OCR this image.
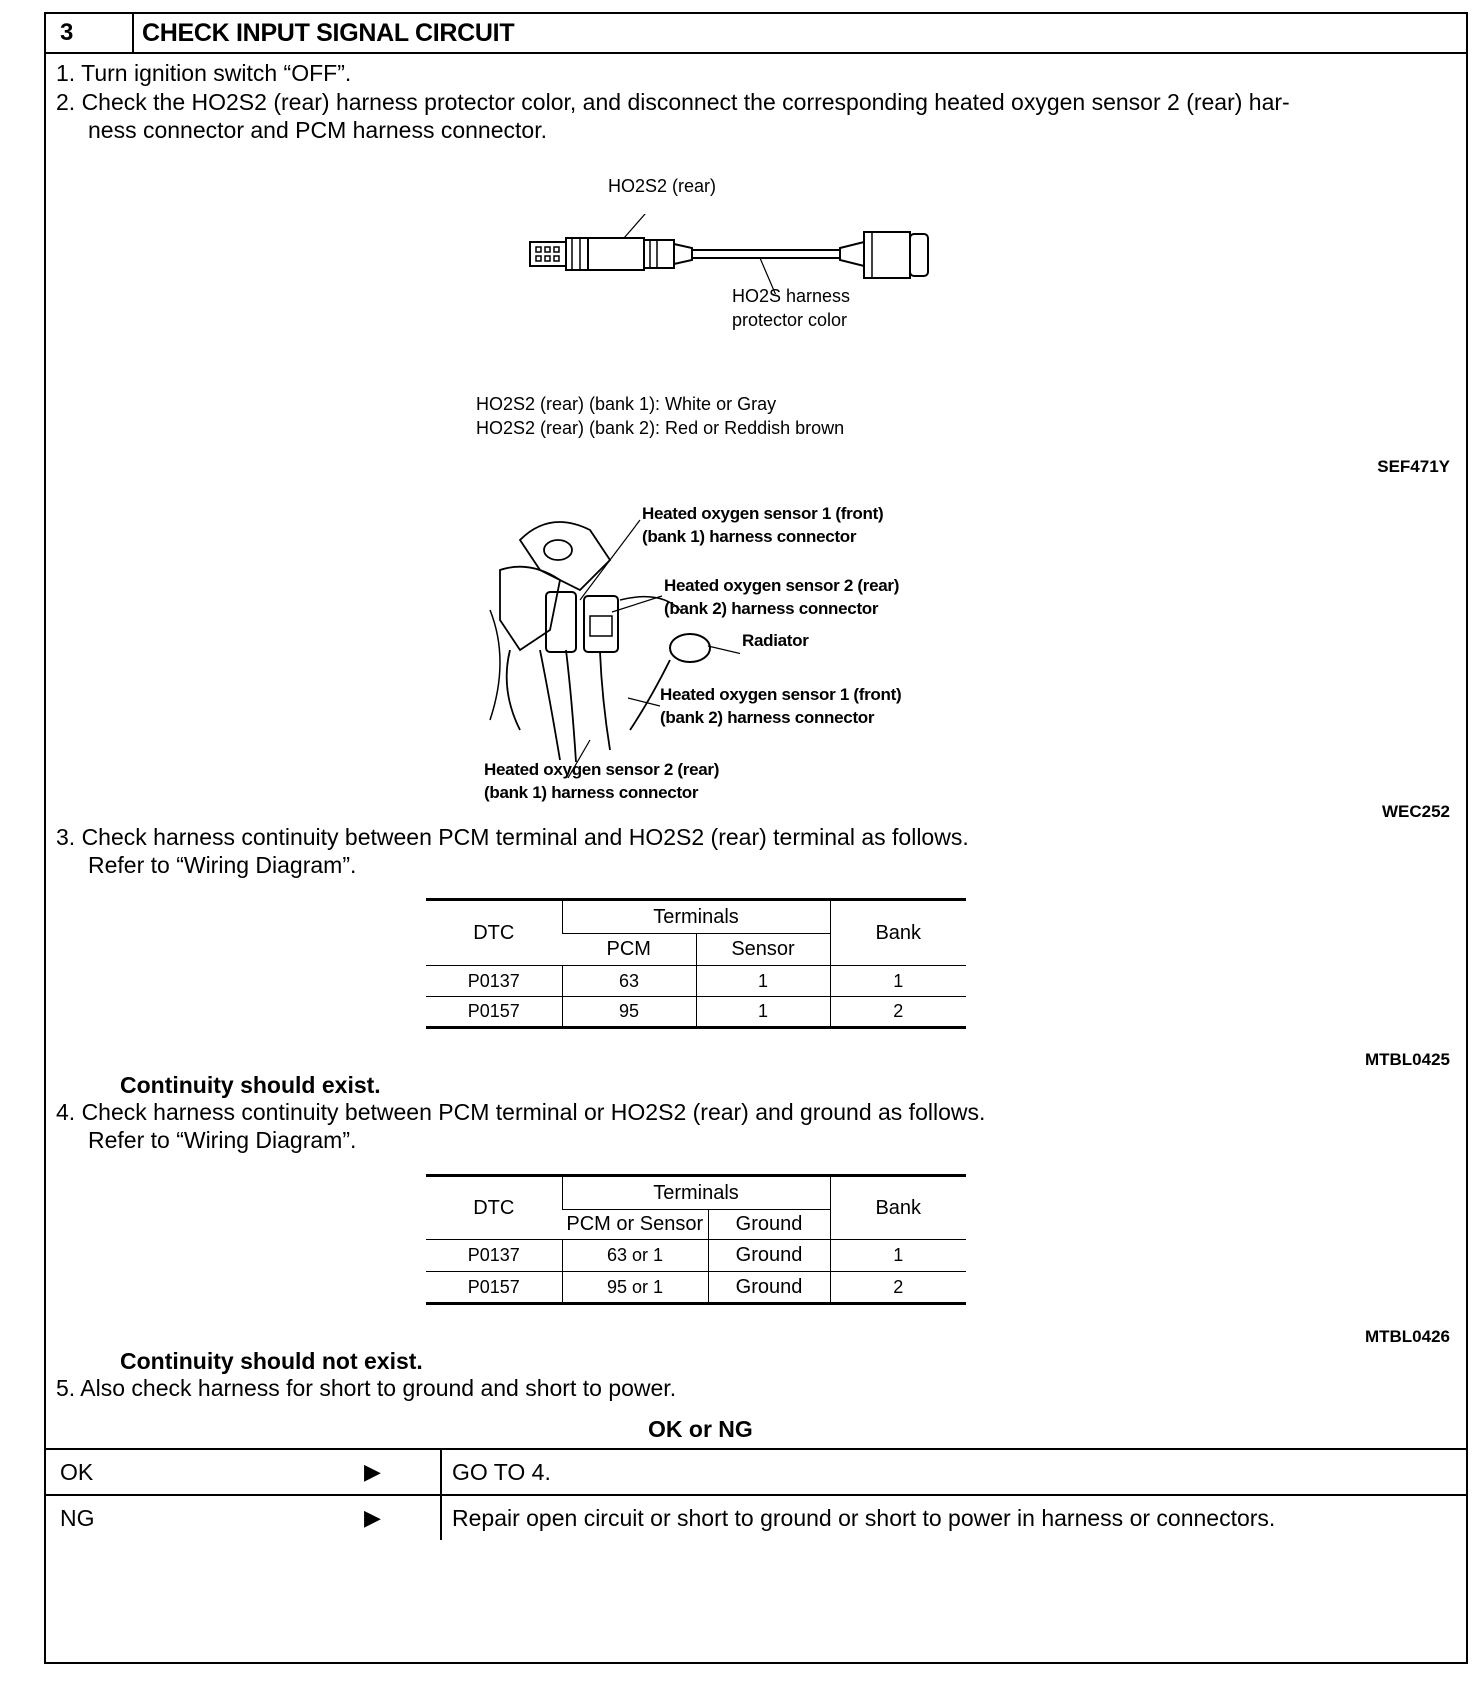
3	CHECK INPUT SIGNAL CIRCUIT
1. Turn ignition switch “OFF”.
2. Check the HO2S2 (rear) harness protector color, and disconnect the corresponding heated oxygen sensor 2 (rear) har-
ness connector and PCM harness connector.
HO2S2 (rear)
HO2S harness
protector color
HO2S2 (rear) (bank 1): White or Gray
HO2S2 (rear) (bank 2): Red or Reddish brown
SEF471Y
Heated oxygen sensor 1 (front)
(bank 1) harness connector
Heated oxygen sensor 2 (rear)
(bank 2) harness connector
Radiator
Heated oxygen sensor 1 (front)
(bank 2) harness connector
Heated oxygen sensor 2 (rear)
(bank 1) harness connector
WEC252
3. Check harness continuity between PCM terminal and HO2S2 (rear) terminal as follows.
Refer to “Wiring Diagram”.
DTC	Terminals		Bank
	PCM	Sensor	
P0137	63	1	1
P0157	95	1	2
MTBL0425
Continuity should exist.
4. Check harness continuity between PCM terminal or HO2S2 (rear) and ground as follows.
Refer to “Wiring Diagram”.
DTC	Terminals		Bank
	PCM or Sensor	Ground	
P0137	63 or 1	Ground	1
P0157	95 or 1	Ground	2
MTBL0426
Continuity should not exist.
5. Also check harness for short to ground and short to power.
OK or NG
OK	▶	GO TO 4.
NG	▶	Repair open circuit or short to ground or short to power in harness or connectors.
